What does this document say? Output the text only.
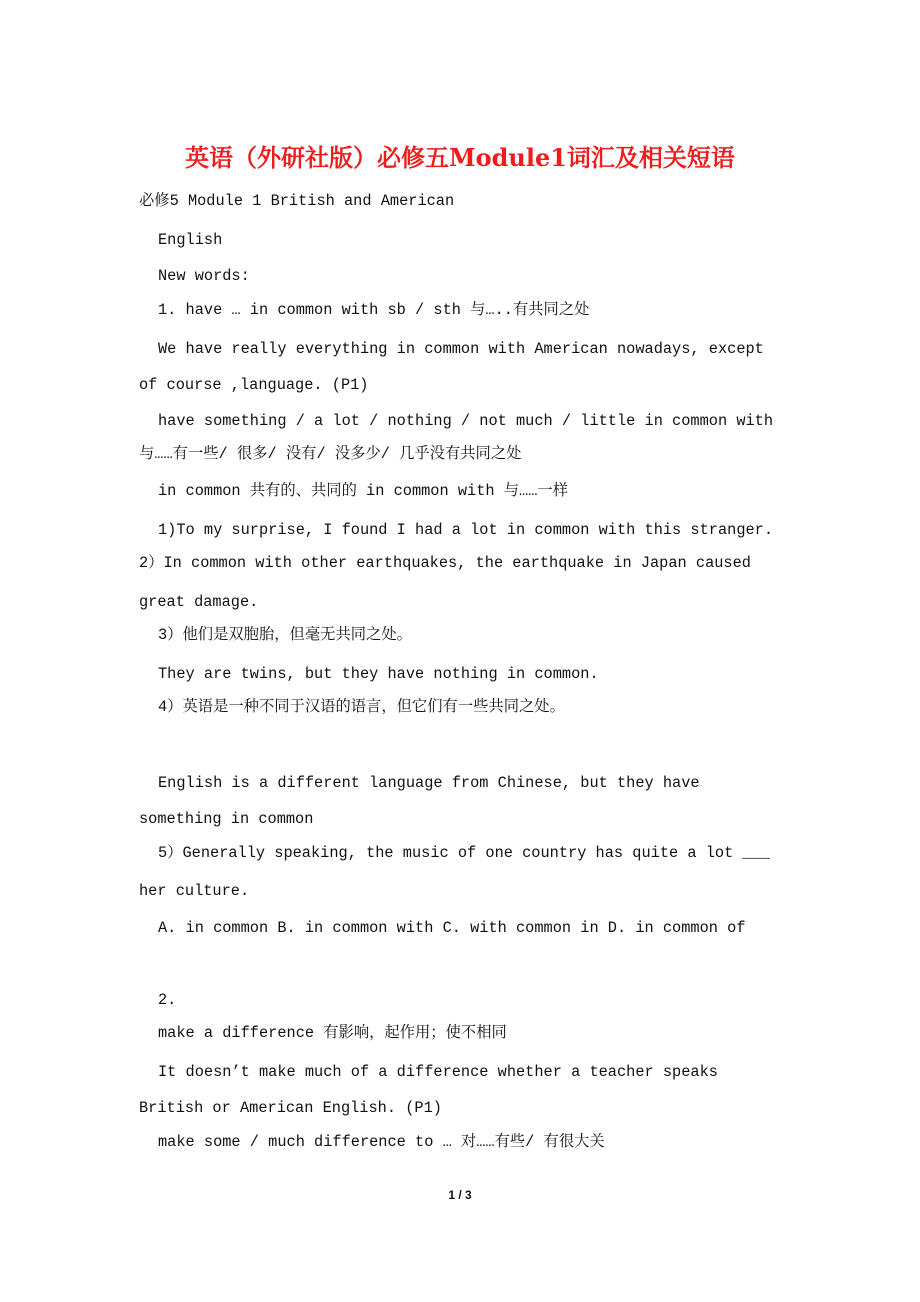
英语（外研社版）必修五Module1词汇及相关短语
必修5 Module 1 British and American
English
New words:
1. have … in common with sb / sth 与…..有共同之处
We have really everything in common with American nowadays, except
of course ,language. (P1)
have something / a lot / nothing / not much / little in common with
与……有一些/ 很多/ 没有/ 没多少/ 几乎没有共同之处
in common 共有的、共同的 in common with 与……一样
1)To my surprise, I found I had a lot in common with this stranger.
2）In common with other earthquakes, the earthquake in Japan caused
great damage.
3）他们是双胞胎，但毫无共同之处。
They are twins, but they have nothing in common.
4）英语是一种不同于汉语的语言，但它们有一些共同之处。
English is a different language from Chinese, but they have
something in common
5）Generally speaking, the music of one country has quite a lot ___
her culture.
A. in common B. in common with C. with common in D. in common of
2.
make a difference 有影响，起作用；使不相同
It doesn’t make much of a difference whether a teacher speaks
British or American English. (P1)
make some / much difference to … 对……有些/ 有很大关
1 / 3
